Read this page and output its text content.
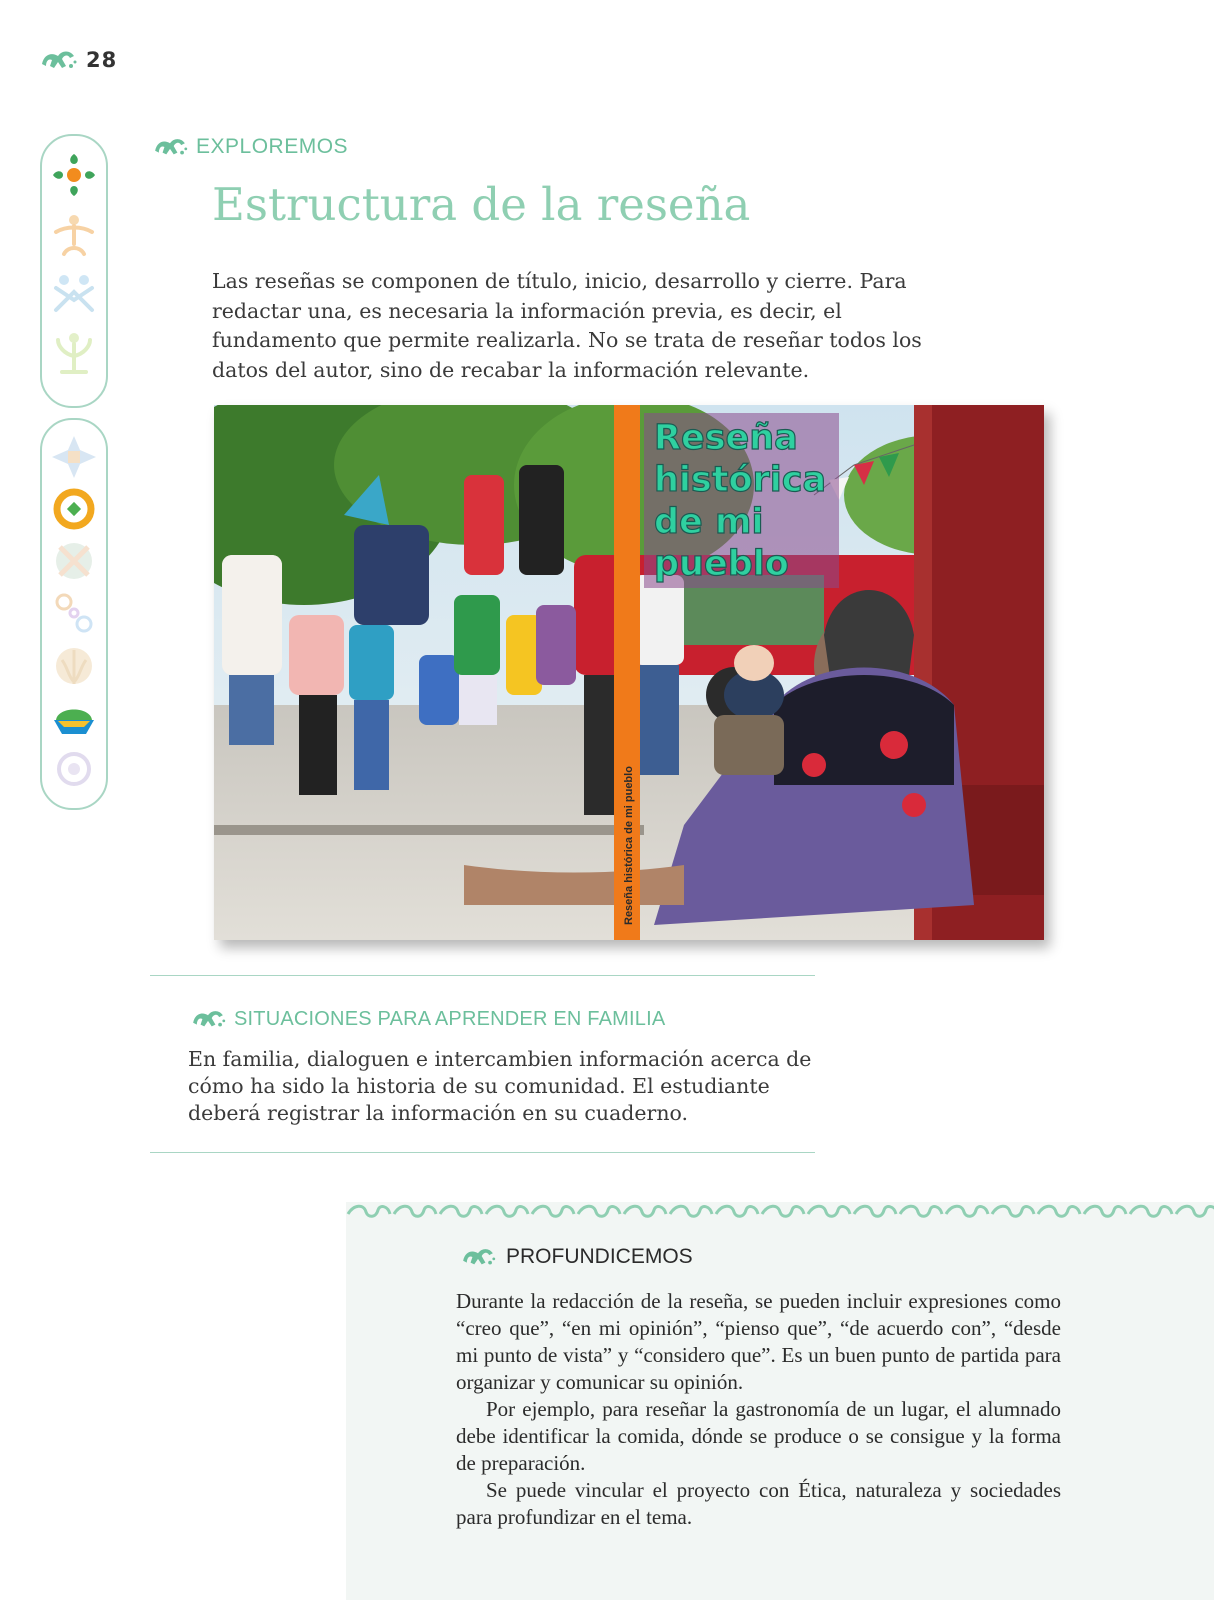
28
EXPLOREMOS
Estructura de la reseña

Las reseñas se componen de título, inicio, desarrollo y cierre. Para redactar una, es necesaria la información previa, es decir, el fundamento que permite realizarla. No se trata de reseñar todos los datos del autor, sino de recabar la información relevante.

Reseña histórica de mi pueblo
Reseña histórica de mi pueblo
SITUACIONES PARA APRENDER EN FAMILIA

En familia, dialoguen e intercambien información acerca de cómo ha sido la historia de su comunidad. El estudiante deberá registrar la información en su cuaderno.

PROFUNDICEMOS

Durante la redacción de la reseña, se pueden incluir expresiones como “creo que”, “en mi opinión”, “pienso que”, “de acuerdo con”, “desde mi punto de vista” y “considero que”. Es un buen punto de partida para organizar y comunicar su opinión.

Por ejemplo, para reseñar la gastronomía de un lugar, el alumnado debe identificar la comida, dónde se produce o se consigue y la forma de preparación.

Se puede vincular el proyecto con Ética, naturaleza y sociedades para profundizar en el tema.
